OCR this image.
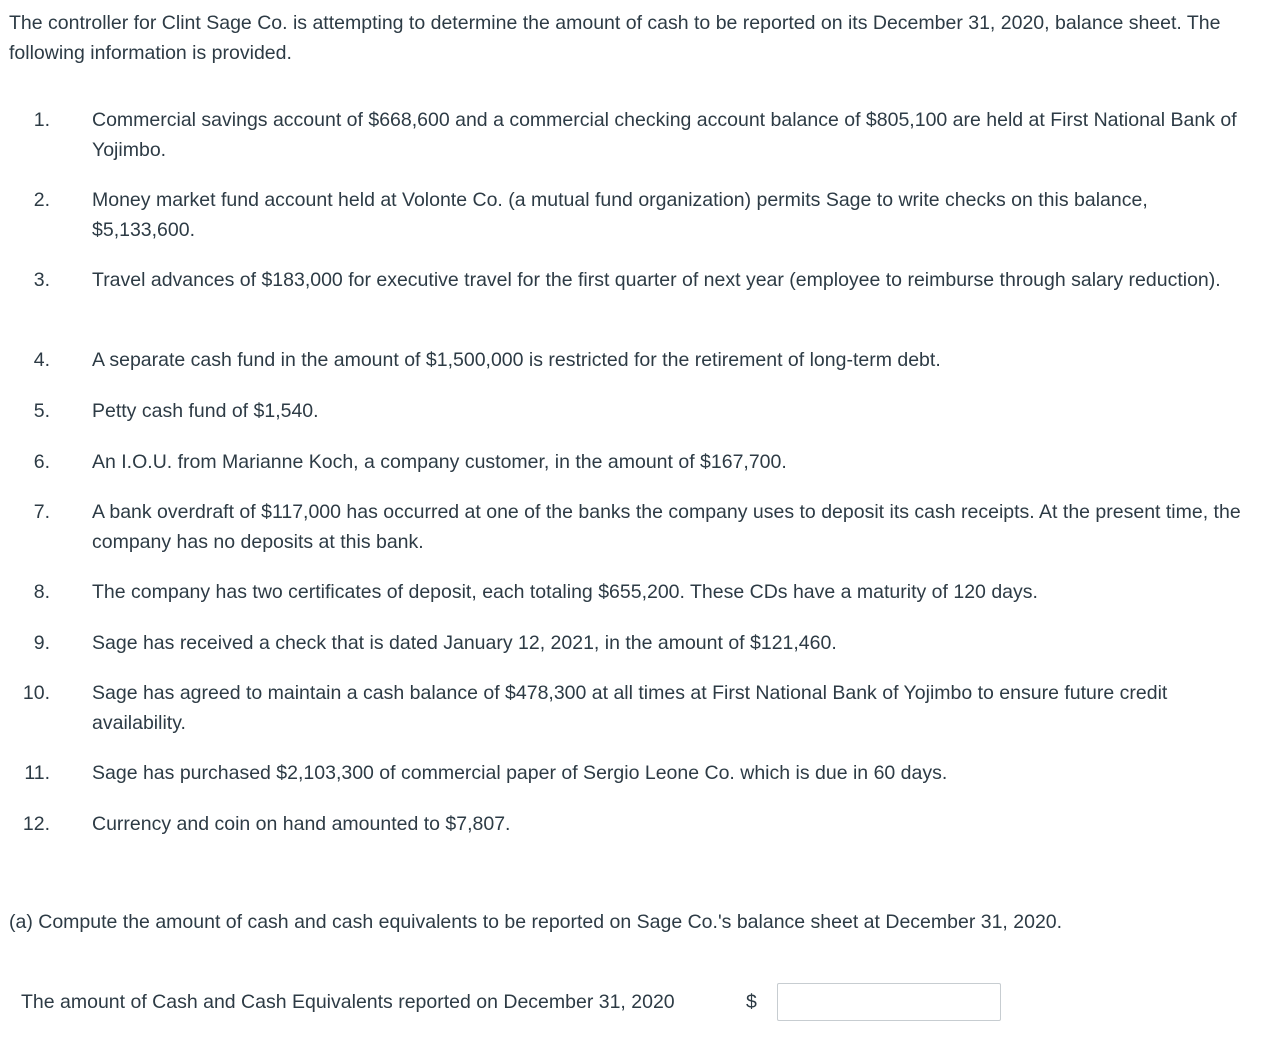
The controller for Clint Sage Co. is attempting to determine the amount of cash to be reported on its December 31, 2020, balance sheet. The following information is provided.

1. Commercial savings account of $668,600 and a commercial checking account balance of $805,100 are held at First National Bank of Yojimbo.
2. Money market fund account held at Volonte Co. (a mutual fund organization) permits Sage to write checks on this balance, $5,133,600.
3. Travel advances of $183,000 for executive travel for the first quarter of next year (employee to reimburse through salary reduction).
4. A separate cash fund in the amount of $1,500,000 is restricted for the retirement of long-term debt.
5. Petty cash fund of $1,540.
6. An I.O.U. from Marianne Koch, a company customer, in the amount of $167,700.
7. A bank overdraft of $117,000 has occurred at one of the banks the company uses to deposit its cash receipts. At the present time, the company has no deposits at this bank.
8. The company has two certificates of deposit, each totaling $655,200. These CDs have a maturity of 120 days.
9. Sage has received a check that is dated January 12, 2021, in the amount of $121,460.
10. Sage has agreed to maintain a cash balance of $478,300 at all times at First National Bank of Yojimbo to ensure future credit availability.
11. Sage has purchased $2,103,300 of commercial paper of Sergio Leone Co. which is due in 60 days.
12. Currency and coin on hand amounted to $7,807.

(a) Compute the amount of cash and cash equivalents to be reported on Sage Co.'s balance sheet at December 31, 2020.

The amount of Cash and Cash Equivalents reported on December 31, 2020	$
